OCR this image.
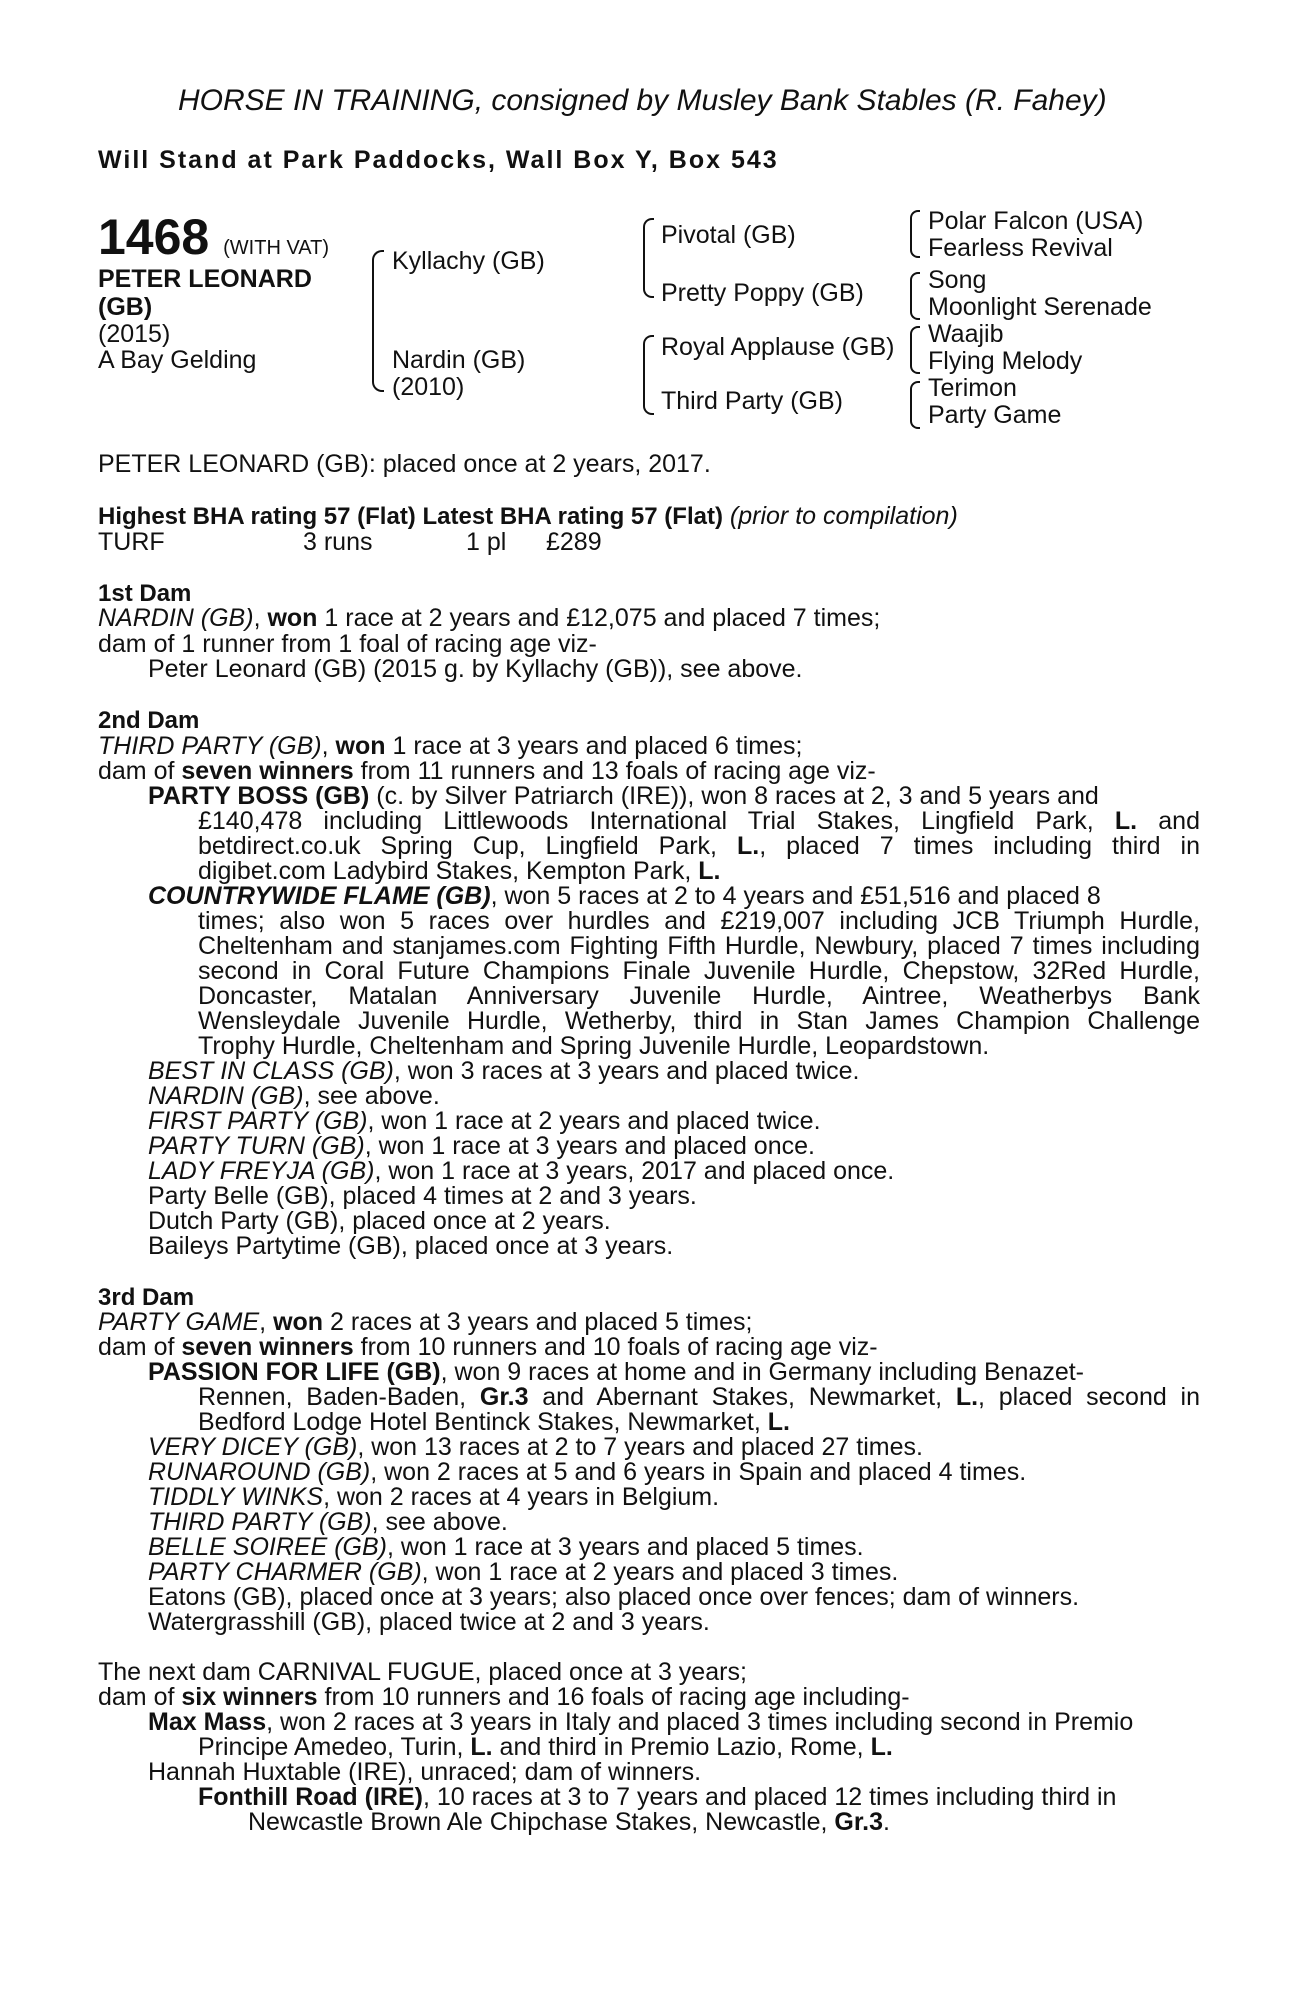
HORSE IN TRAINING, consigned by Musley Bank Stables (R. Fahey)
Will Stand at Park Paddocks, Wall Box Y, Box 543
1468 (WITH VAT)
PETER LEONARD
(GB)
(2015)
A Bay Gelding
Kyllachy (GB)
Nardin (GB)
(2010)
Pivotal (GB)
Pretty Poppy (GB)
Royal Applause (GB)
Third Party (GB)
Polar Falcon (USA)
Fearless Revival
Song
Moonlight Serenade
Waajib
Flying Melody
Terimon
Party Game
PETER LEONARD (GB): placed once at 2 years, 2017.
Highest BHA rating 57 (Flat) Latest BHA rating 57 (Flat) (prior to compilation)
TURF	3 runs	1 pl £289
1st Dam
NARDIN (GB), won 1 race at 2 years and £12,075 and placed 7 times;
dam of 1 runner from 1 foal of racing age viz-
Peter Leonard (GB) (2015 g. by Kyllachy (GB)), see above.
2nd Dam
THIRD PARTY (GB), won 1 race at 3 years and placed 6 times;
dam of seven winners from 11 runners and 13 foals of racing age viz-
PARTY BOSS (GB) (c. by Silver Patriarch (IRE)), won 8 races at 2, 3 and 5 years and
£140,478 including Littlewoods International Trial Stakes, Lingfield Park, L. and
betdirect.co.uk Spring Cup, Lingfield Park, L., placed 7 times including third in
digibet.com Ladybird Stakes, Kempton Park, L.
COUNTRYWIDE FLAME (GB), won 5 races at 2 to 4 years and £51,516 and placed 8
times; also won 5 races over hurdles and £219,007 including JCB Triumph Hurdle,
Cheltenham and stanjames.com Fighting Fifth Hurdle, Newbury, placed 7 times including
second in Coral Future Champions Finale Juvenile Hurdle, Chepstow, 32Red Hurdle,
Doncaster, Matalan Anniversary Juvenile Hurdle, Aintree, Weatherbys Bank
Wensleydale Juvenile Hurdle, Wetherby, third in Stan James Champion Challenge
Trophy Hurdle, Cheltenham and Spring Juvenile Hurdle, Leopardstown.
BEST IN CLASS (GB), won 3 races at 3 years and placed twice.
NARDIN (GB), see above.
FIRST PARTY (GB), won 1 race at 2 years and placed twice.
PARTY TURN (GB), won 1 race at 3 years and placed once.
LADY FREYJA (GB), won 1 race at 3 years, 2017 and placed once.
Party Belle (GB), placed 4 times at 2 and 3 years.
Dutch Party (GB), placed once at 2 years.
Baileys Partytime (GB), placed once at 3 years.
3rd Dam
PARTY GAME, won 2 races at 3 years and placed 5 times;
dam of seven winners from 10 runners and 10 foals of racing age viz-
PASSION FOR LIFE (GB), won 9 races at home and in Germany including Benazet-
Rennen, Baden-Baden, Gr.3 and Abernant Stakes, Newmarket, L., placed second in
Bedford Lodge Hotel Bentinck Stakes, Newmarket, L.
VERY DICEY (GB), won 13 races at 2 to 7 years and placed 27 times.
RUNAROUND (GB), won 2 races at 5 and 6 years in Spain and placed 4 times.
TIDDLY WINKS, won 2 races at 4 years in Belgium.
THIRD PARTY (GB), see above.
BELLE SOIREE (GB), won 1 race at 3 years and placed 5 times.
PARTY CHARMER (GB), won 1 race at 2 years and placed 3 times.
Eatons (GB), placed once at 3 years; also placed once over fences; dam of winners.
Watergrasshill (GB), placed twice at 2 and 3 years.
The next dam CARNIVAL FUGUE, placed once at 3 years;
dam of six winners from 10 runners and 16 foals of racing age including-
Max Mass, won 2 races at 3 years in Italy and placed 3 times including second in Premio
Principe Amedeo, Turin, L. and third in Premio Lazio, Rome, L.
Hannah Huxtable (IRE), unraced; dam of winners.
Fonthill Road (IRE), 10 races at 3 to 7 years and placed 12 times including third in
Newcastle Brown Ale Chipchase Stakes, Newcastle, Gr.3.
